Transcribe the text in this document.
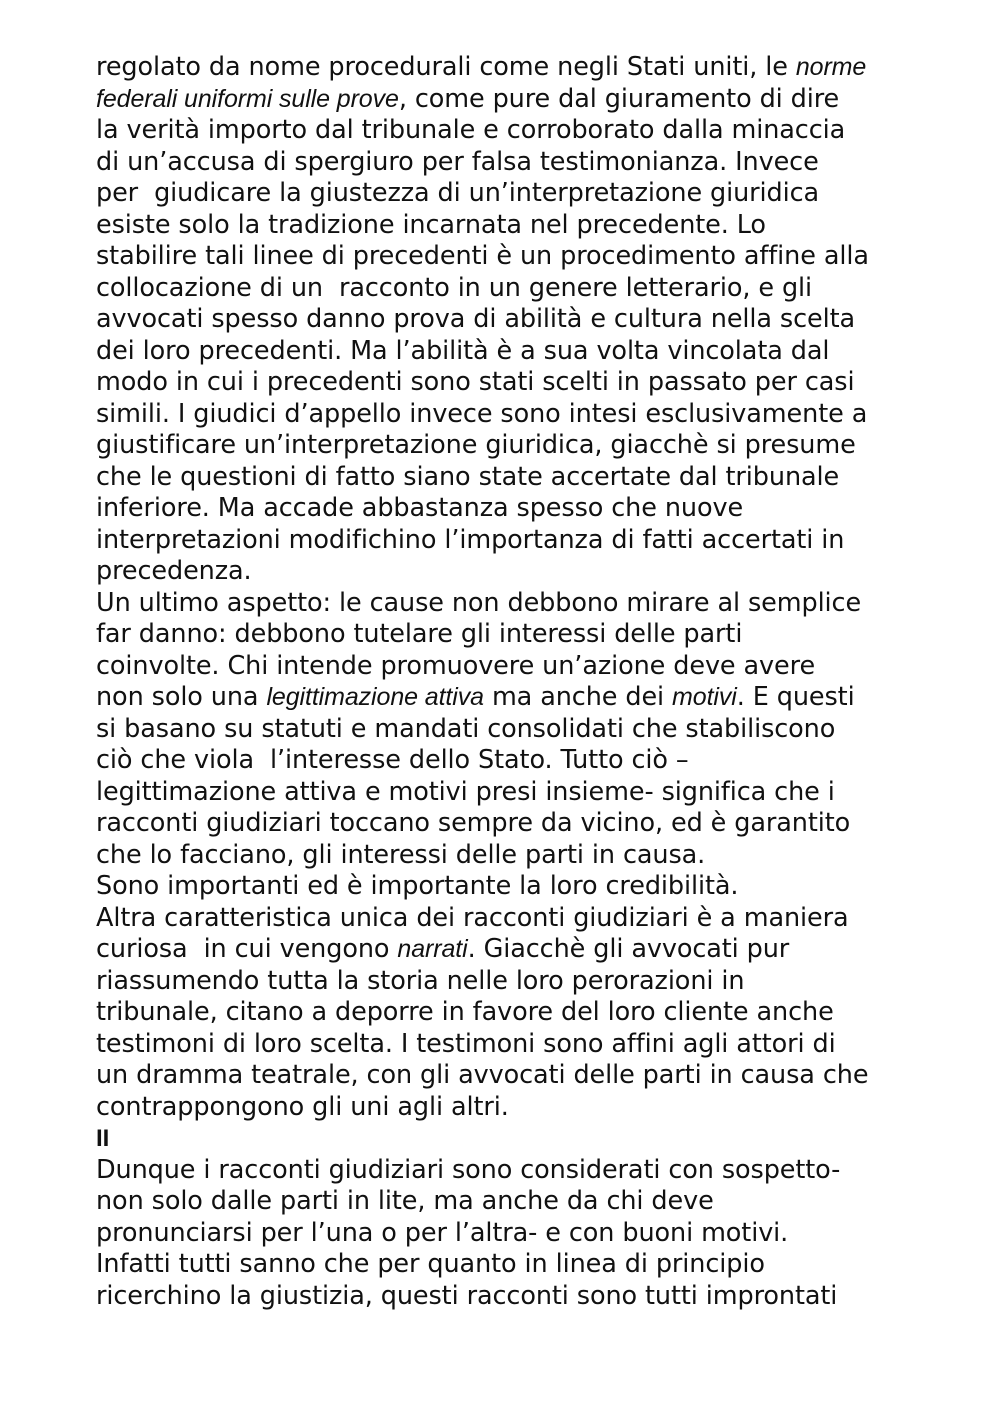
regolato da nome procedurali come negli Stati uniti, le norme
federali uniformi sulle prove, come pure dal giuramento di dire
la verità importo dal tribunale e corroborato dalla minaccia
di un’accusa di spergiuro per falsa testimonianza. Invece
per  giudicare la giustezza di un’interpretazione giuridica
esiste solo la tradizione incarnata nel precedente. Lo
stabilire tali linee di precedenti è un procedimento affine alla
collocazione di un  racconto in un genere letterario, e gli
avvocati spesso danno prova di abilità e cultura nella scelta
dei loro precedenti. Ma l’abilità è a sua volta vincolata dal
modo in cui i precedenti sono stati scelti in passato per casi
simili. I giudici d’appello invece sono intesi esclusivamente a
giustificare un’interpretazione giuridica, giacchè si presume
che le questioni di fatto siano state accertate dal tribunale
inferiore. Ma accade abbastanza spesso che nuove
interpretazioni modifichino l’importanza di fatti accertati in
precedenza.
Un ultimo aspetto: le cause non debbono mirare al semplice
far danno: debbono tutelare gli interessi delle parti
coinvolte. Chi intende promuovere un’azione deve avere
non solo una legittimazione attiva ma anche dei motivi. E questi
si basano su statuti e mandati consolidati che stabiliscono
ciò che viola  l’interesse dello Stato. Tutto ciò –
legittimazione attiva e motivi presi insieme- significa che i
racconti giudiziari toccano sempre da vicino, ed è garantito
che lo facciano, gli interessi delle parti in causa.
Sono importanti ed è importante la loro credibilità.
Altra caratteristica unica dei racconti giudiziari è a maniera
curiosa  in cui vengono narrati. Giacchè gli avvocati pur
riassumendo tutta la storia nelle loro perorazioni in
tribunale, citano a deporre in favore del loro cliente anche
testimoni di loro scelta. I testimoni sono affini agli attori di
un dramma teatrale, con gli avvocati delle parti in causa che
contrappongono gli uni agli altri.
II
Dunque i racconti giudiziari sono considerati con sospetto-
non solo dalle parti in lite, ma anche da chi deve
pronunciarsi per l’una o per l’altra- e con buoni motivi.
Infatti tutti sanno che per quanto in linea di principio
ricerchino la giustizia, questi racconti sono tutti improntati
